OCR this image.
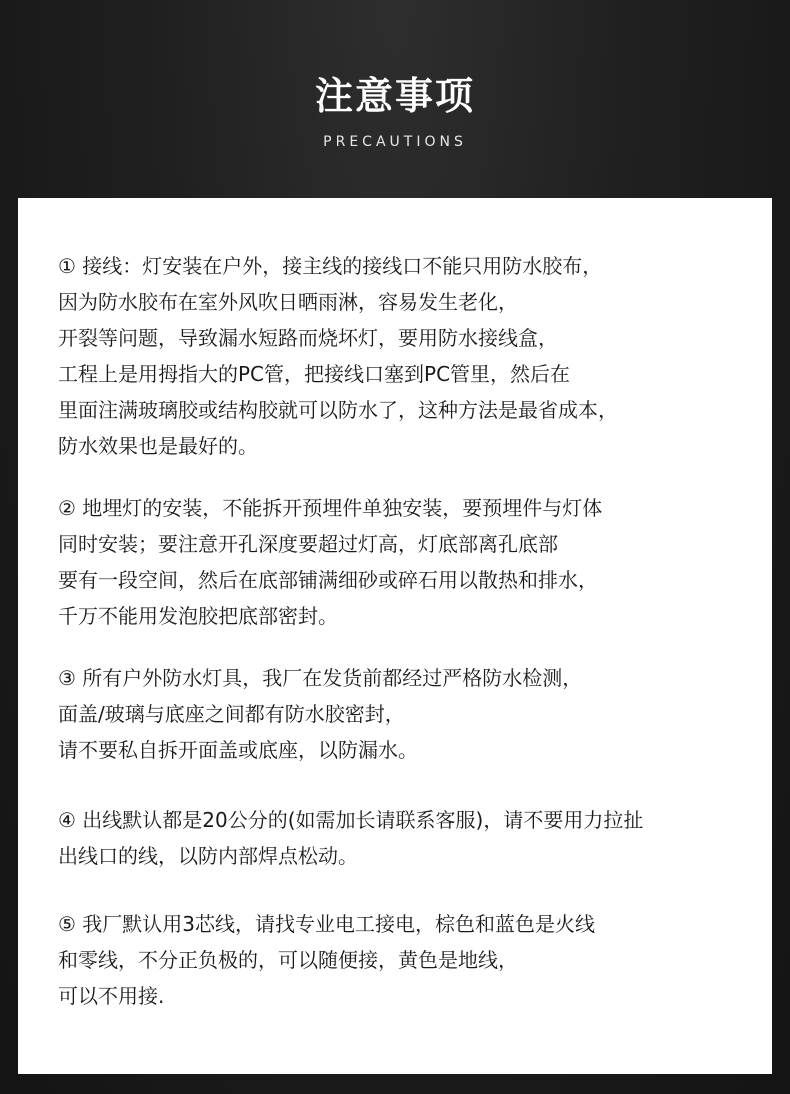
注意事项
PRECAUTIONS
① 接线：灯安装在户外，接主线的接线口不能只用防水胶布，
因为防水胶布在室外风吹日晒雨淋，容易发生老化，
开裂等问题，导致漏水短路而烧坏灯，要用防水接线盒，
工程上是用拇指大的PC管，把接线口塞到PC管里，然后在
里面注满玻璃胶或结构胶就可以防水了，这种方法是最省成本，
防水效果也是最好的。
② 地埋灯的安装，不能拆开预埋件单独安装，要预埋件与灯体
同时安装；要注意开孔深度要超过灯高，灯底部离孔底部
要有一段空间，然后在底部铺满细砂或碎石用以散热和排水，
千万不能用发泡胶把底部密封。
③ 所有户外防水灯具，我厂在发货前都经过严格防水检测，
面盖/玻璃与底座之间都有防水胶密封，
请不要私自拆开面盖或底座，以防漏水。
④ 出线默认都是20公分的(如需加长请联系客服)，请不要用力拉扯
出线口的线，以防内部焊点松动。
⑤ 我厂默认用3芯线，请找专业电工接电，棕色和蓝色是火线
和零线，不分正负极的，可以随便接，黄色是地线，
可以不用接.
